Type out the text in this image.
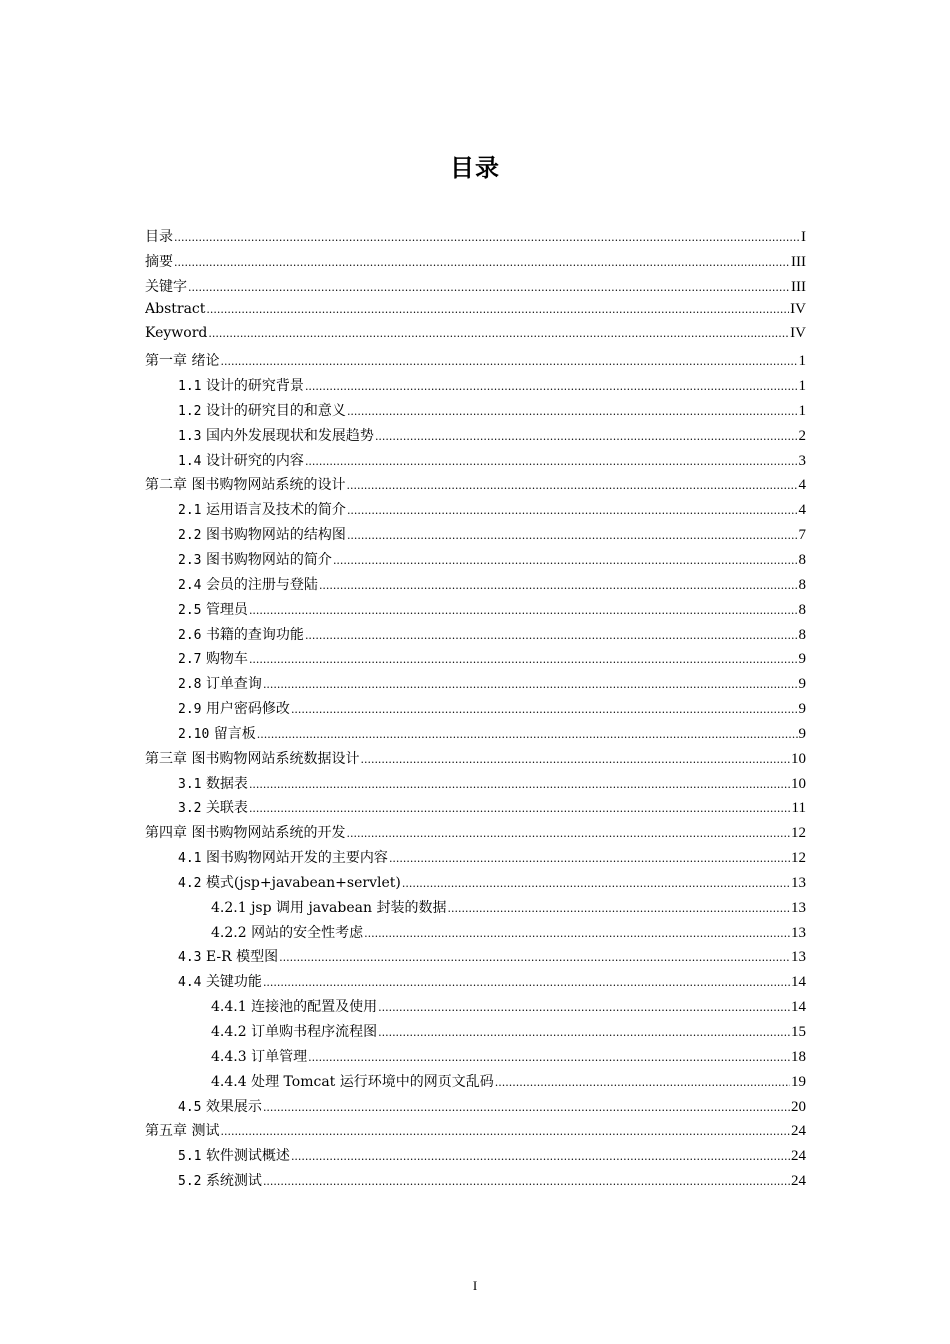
目录
目录 .....	I
摘要 .....	III
关键字 .....	III
Abstract .....	IV
Keyword .....	IV
第一章 绪论 .....	1
1.1 设计的研究背景 .....	1
1.2 设计的研究目的和意义 .....	1
1.3 国内外发展现状和发展趋势 .....	2
1.4 设计研究的内容 .....	3
第二章 图书购物网站系统的设计 .....	4
2.1 运用语言及技术的简介 .....	4
2.2 图书购物网站的结构图 .....	7
2.3 图书购物网站的简介 .....	8
2.4 会员的注册与登陆 .....	8
2.5 管理员 .....	8
2.6 书籍的查询功能 .....	8
2.7 购物车 .....	9
2.8 订单查询 .....	9
2.9 用户密码修改 .....	9
2.10 留言板 .....	9
第三章 图书购物网站系统数据设计 .....	10
3.1 数据表 .....	10
3.2 关联表 .....	11
第四章 图书购物网站系统的开发 .....	12
4.1 图书购物网站开发的主要内容 .....	12
4.2 模式(jsp+javabean+servlet) .....	13
4.2.1 jsp 调用 javabean 封装的数据 .....	13
4.2.2 网站的安全性考虑 .....	13
4.3 E-R 模型图 .....	13
4.4 关键功能 .....	14
4.4.1 连接池的配置及使用 .....	14
4.4.2 订单购书程序流程图 .....	15
4.4.3 订单管理 .....	18
4.4.4 处理 Tomcat 运行环境中的网页文乱码 .....	19
4.5 效果展示 .....	20
第五章 测试 .....	24
5.1 软件测试概述 .....	24
5.2 系统测试 .....	24
I
